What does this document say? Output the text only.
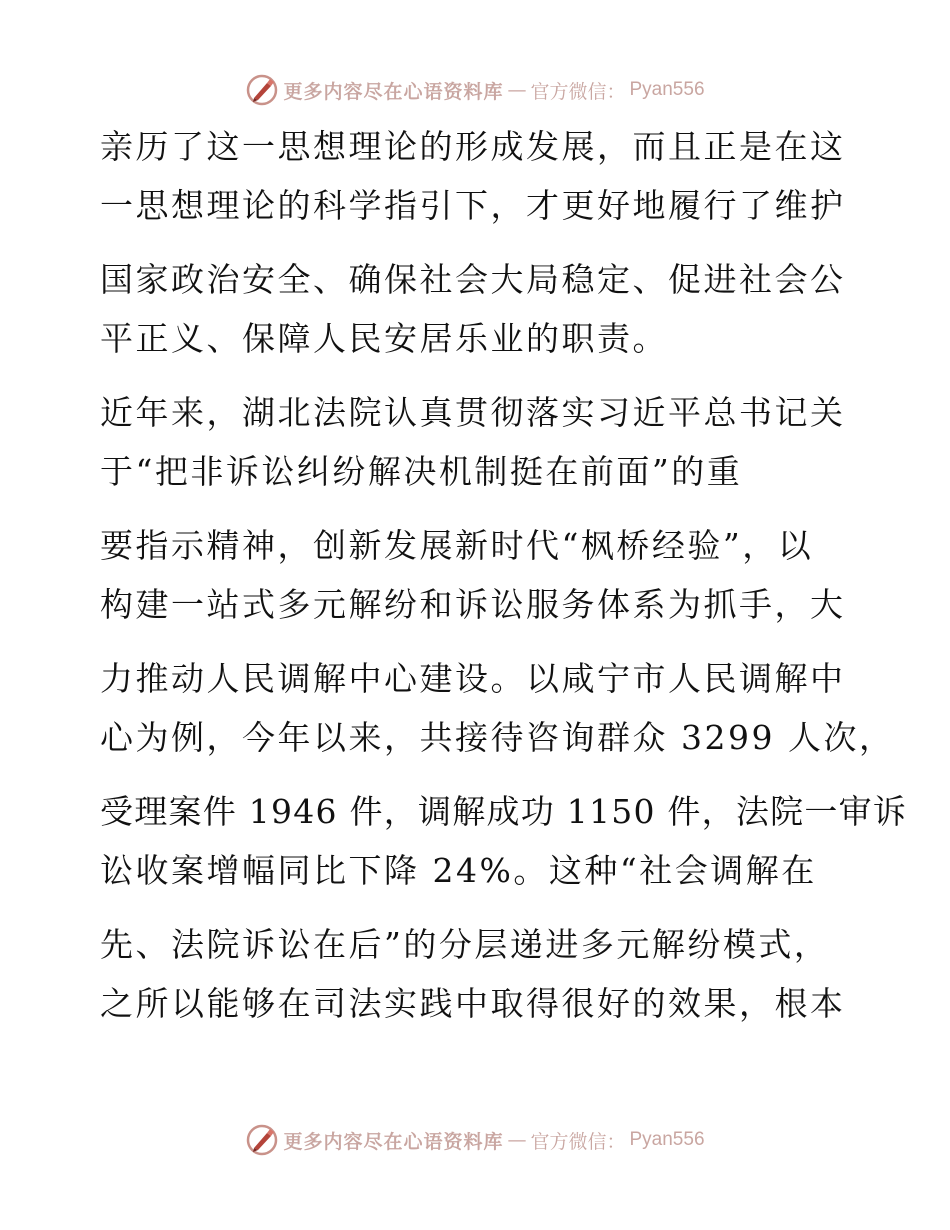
更多内容尽在心语资料库 — 官方微信： Pyan556
亲历了这一思想理论的形成发展，而且正是在这
一思想理论的科学指引下，才更好地履行了维护
国家政治安全、确保社会大局稳定、促进社会公
平正义、保障人民安居乐业的职责。
近年来，湖北法院认真贯彻落实习近平总书记关
于“把非诉讼纠纷解决机制挺在前面”的重
要指示精神，创新发展新时代“枫桥经验”，以
构建一站式多元解纷和诉讼服务体系为抓手，大
力推动人民调解中心建设。以咸宁市人民调解中
心为例，今年以来，共接待咨询群众 3299 人次，
受理案件 1946 件，调解成功 1150 件，法院一审诉
讼收案增幅同比下降 24%。这种“社会调解在
先、法院诉讼在后”的分层递进多元解纷模式，
之所以能够在司法实践中取得很好的效果，根本
更多内容尽在心语资料库 — 官方微信： Pyan556
